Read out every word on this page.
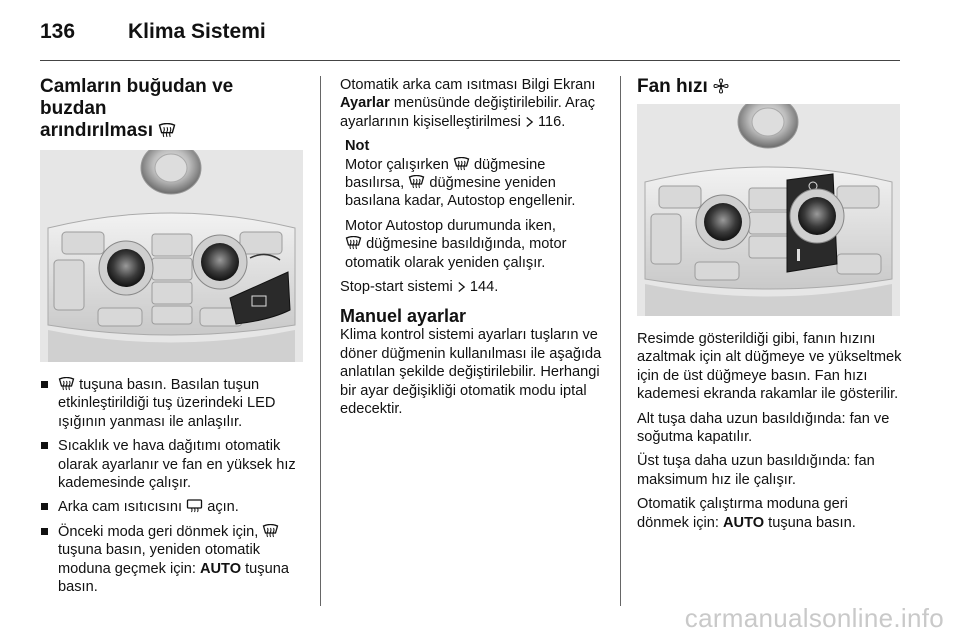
136	Klima Sistemi
Camların buğudan ve buzdan
arındırılması
tuşuna basın. Basılan tuşun etkinleştirildiği tuş üzerindeki LED ışığının yanması ile anlaşılır.
Sıcaklık ve hava dağıtımı otomatik olarak ayarlanır ve fan en yüksek hız kademesinde çalışır.
Arka cam ısıtıcısını açın.
Önceki moda geri dönmek için,  tuşuna basın, yeniden otomatik moduna geçmek için: AUTO tuşuna basın.

Otomatik arka cam ısıtması Bilgi Ekranı Ayarlar menüsünde değiştirilebilir. Araç ayarlarının kişiselleştirilmesi 116.

Not

Motor çalışırken düğmesine basılırsa, düğmesine yeniden basılana kadar, Autostop engellenir.

Motor Autostop durumunda iken,
düğmesine basıldığında, motor otomatik olarak yeniden çalışır.

Stop-start sistemi 144.

Manuel ayarlar

Klima kontrol sistemi ayarları tuşların ve döner düğmenin kullanılması ile aşağıda anlatılan şekilde değiştirilebilir. Herhangi bir ayar değişikliği otomatik modu iptal edecektir.

Fan hızı

Resimde gösterildiği gibi, fanın hızını azaltmak için alt düğmeye ve yükseltmek için de üst düğmeye basın. Fan hızı kademesi ekranda rakamlar ile gösterilir.

Alt tuşa daha uzun basıldığında: fan ve soğutma kapatılır.

Üst tuşa daha uzun basıldığında: fan maksimum hız ile çalışır.

Otomatik çalıştırma moduna geri dönmek için: AUTO tuşuna basın.

carmanualsonline.info
